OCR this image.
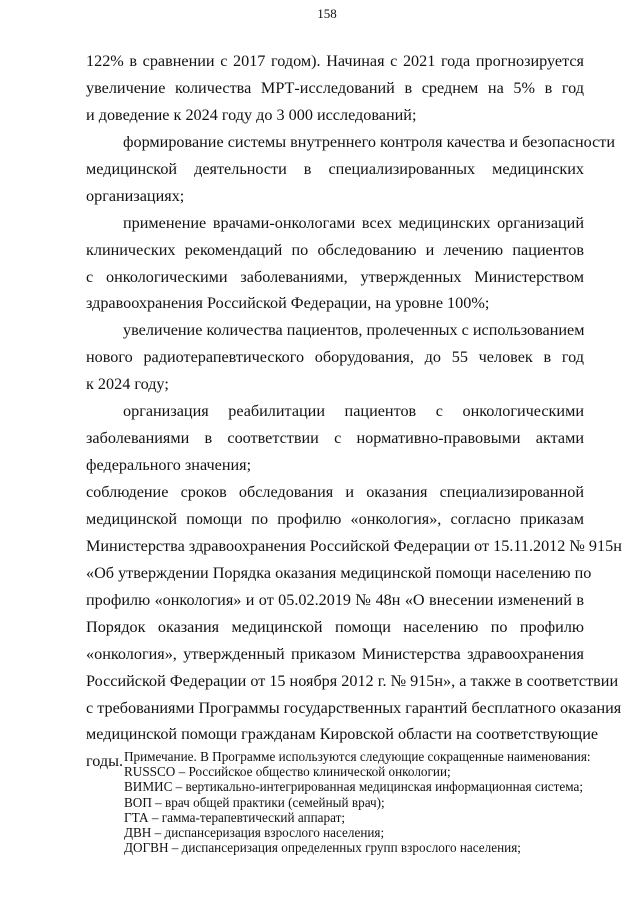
158
122% в сравнении с 2017 годом). Начиная с 2021 года прогнозируется
увеличение количества МРТ-исследований в среднем на 5% в год
и доведение к 2024 году до 3 000 исследований;
формирование системы внутреннего контроля качества и безопасности
медицинской деятельности в специализированных медицинских
организациях;
применение врачами-онкологами всех медицинских организаций
клинических рекомендаций по обследованию и лечению пациентов
с онкологическими заболеваниями, утвержденных Министерством
здравоохранения Российской Федерации, на уровне 100%;
увеличение количества пациентов, пролеченных с использованием
нового радиотерапевтического оборудования, до 55 человек в год
к 2024 году;
организация реабилитации пациентов с онкологическими
заболеваниями в соответствии с нормативно-правовыми актами
федерального значения;
соблюдение сроков обследования и оказания специализированной
медицинской помощи по профилю «онкология», согласно приказам
Министерства здравоохранения Российской Федерации от 15.11.2012 № 915н
«Об утверждении Порядка оказания медицинской помощи населению по
профилю «онкология» и от 05.02.2019 № 48н «О внесении изменений в
Порядок оказания медицинской помощи населению по профилю
«онкология», утвержденный приказом Министерства здравоохранения
Российской Федерации от 15 ноября 2012 г. № 915н», а также в соответствии
с требованиями Программы государственных гарантий бесплатного оказания
медицинской помощи гражданам Кировской области на соответствующие
годы. Примечание. В Программе используются следующие сокращенные наименования:
RUSSCO – Российское общество клинической онкологии;
ВИМИС – вертикально-интегрированная медицинская информационная система;
ВОП – врач общей практики (семейный врач);
ГТА – гамма-терапевтический аппарат;
ДВН – диспансеризация взрослого населения;
ДОГВН – диспансеризация определенных групп взрослого населения;
